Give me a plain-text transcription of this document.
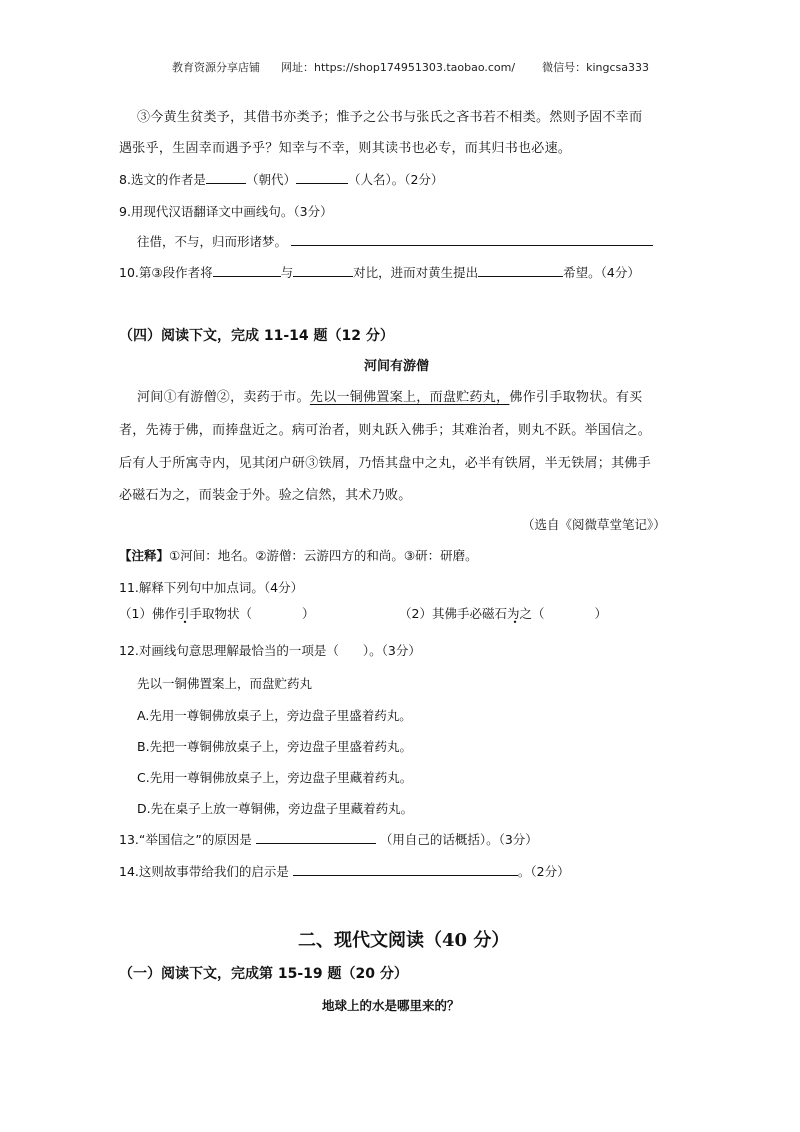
教育资源分享店铺 网址：https://shop174951303.taobao.com/ 微信号：kingcsa333
③今黄生贫类予，其借书亦类予；惟予之公书与张氏之吝书若不相类。然则予固不幸而
遇张乎，生固幸而遇予乎？知幸与不幸，则其读书也必专，而其归书也必速。
8.选文的作者是	（朝代）	（人名）。（2分）
9.用现代汉语翻译文中画线句。（3分）
往借，不与，归而形诸梦。
10.第③段作者将	与	对比，进而对黄生提出	希望。（4分）
（四）阅读下文，完成 11-14 题（12 分）
河间有游僧
河间①有游僧②，卖药于市。先以一铜佛置案上，而盘贮药丸，佛作引手取物状。有买
者，先祷于佛，而捧盘近之。病可治者，则丸跃入佛手；其难治者，则丸不跃。举国信之。
后有人于所寓寺内，见其闭户研③铁屑，乃悟其盘中之丸，必半有铁屑，半无铁屑；其佛手
必磁石为之，而装金于外。验之信然，其术乃败。
（选自《阅微草堂笔记》）
【注释】①河间：地名。②游僧：云游四方的和尚。③研：研磨。
11.解释下列句中加点词。（4分）
（1）佛作引手取物状（	）	（2）其佛手必磁石为之（	）
12.对画线句意思理解最恰当的一项是（ ）。（3分）
先以一铜佛置案上，而盘贮药丸
A.先用一尊铜佛放桌子上，旁边盘子里盛着药丸。
B.先把一尊铜佛放桌子上，旁边盘子里盛着药丸。
C.先用一尊铜佛放桌子上，旁边盘子里藏着药丸。
D.先在桌子上放一尊铜佛，旁边盘子里藏着药丸。
13.“举国信之”的原因是	（用自己的话概括）。（3分）
14.这则故事带给我们的启示是	。（2分）
二、现代文阅读（40 分）
（一）阅读下文，完成第 15-19 题（20 分）
地球上的水是哪里来的？
